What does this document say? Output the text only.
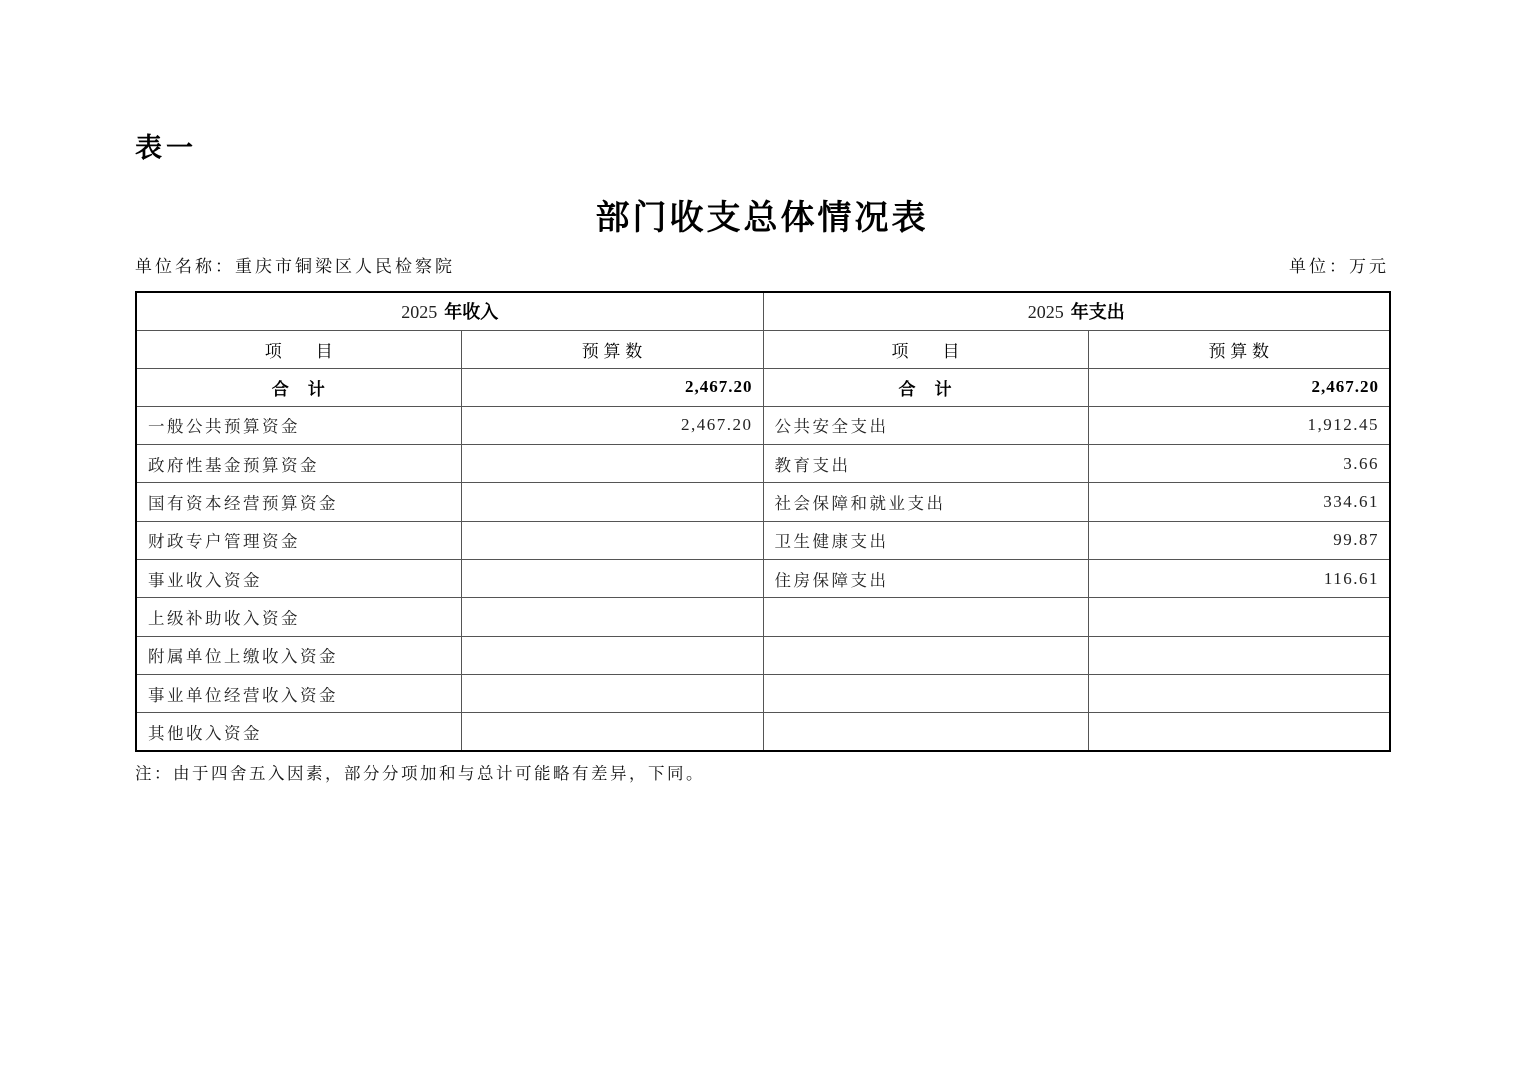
表一
部门收支总体情况表
单位名称：重庆市铜梁区人民检察院	单位：万元
2025 年收入		2025 年支出	
项　　目	预 算 数	项　　目	预 算 数
合　计	2,467.20	合　计	2,467.20
一般公共预算资金	2,467.20	公共安全支出	1,912.45
政府性基金预算资金		教育支出	3.66
国有资本经营预算资金		社会保障和就业支出	334.61
财政专户管理资金		卫生健康支出	99.87
事业收入资金		住房保障支出	116.61
上级补助收入资金			
附属单位上缴收入资金			
事业单位经营收入资金			
其他收入资金			
注：由于四舍五入因素，部分分项加和与总计可能略有差异，下同。
